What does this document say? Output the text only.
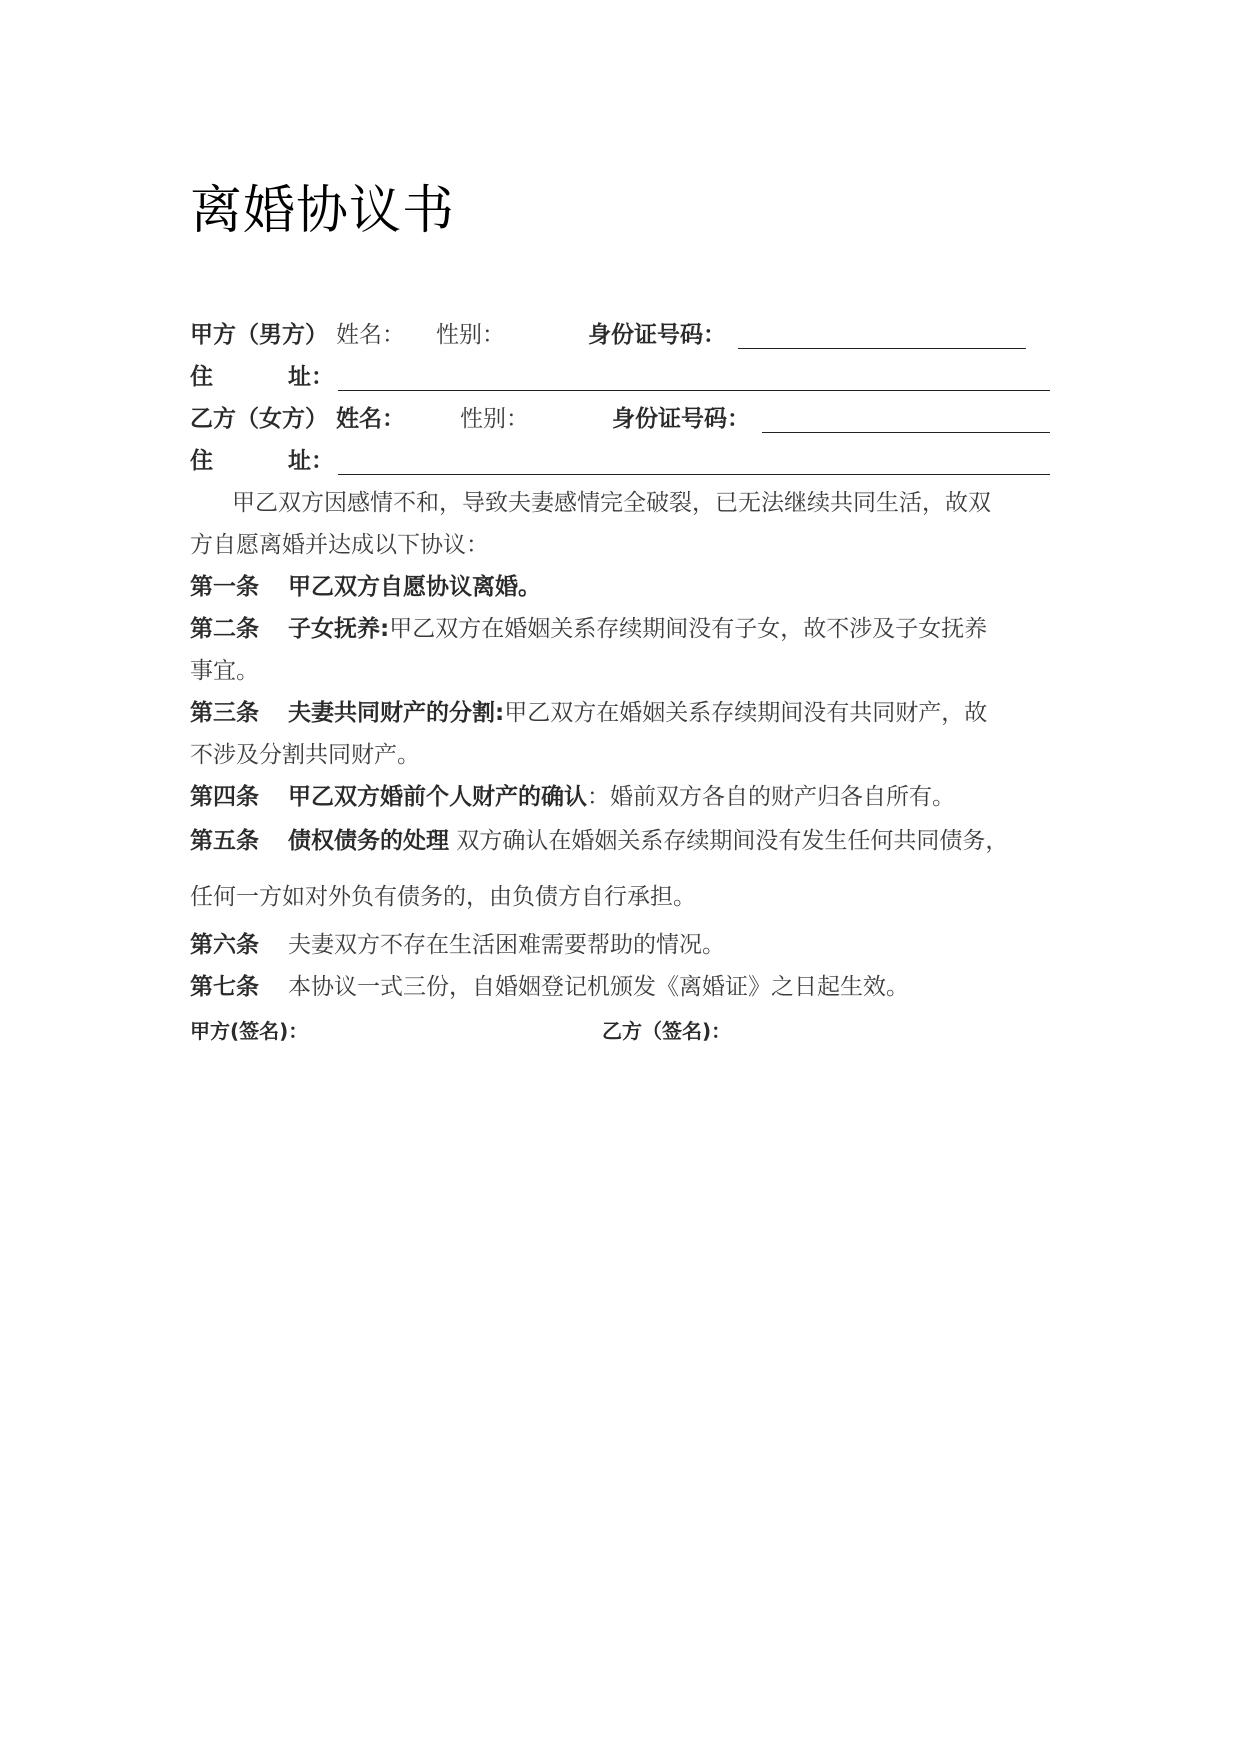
离婚协议书
甲方（男方） 姓名： 性别：	身份证号码：
住	址：
乙方（女方） 姓名： 性别：	身份证号码：
住	址：
甲乙双方因感情不和，导致夫妻感情完全破裂，已无法继续共同生活，故双
方自愿离婚并达成以下协议：
第一条 甲乙双方自愿协议离婚。
第二条 子女抚养:甲乙双方在婚姻关系存续期间没有子女，故不涉及子女抚养
事宜。
第三条 夫妻共同财产的分割:甲乙双方在婚姻关系存续期间没有共同财产，故
不涉及分割共同财产。
第四条 甲乙双方婚前个人财产的确认：婚前双方各自的财产归各自所有。
第五条 债权债务的处理 双方确认在婚姻关系存续期间没有发生任何共同债务，
任何一方如对外负有债务的，由负债方自行承担。
第六条 夫妻双方不存在生活困难需要帮助的情况。
第七条 本协议一式三份，自婚姻登记机颁发《离婚证》之日起生效。
甲方(签名)：	乙方（签名)：
